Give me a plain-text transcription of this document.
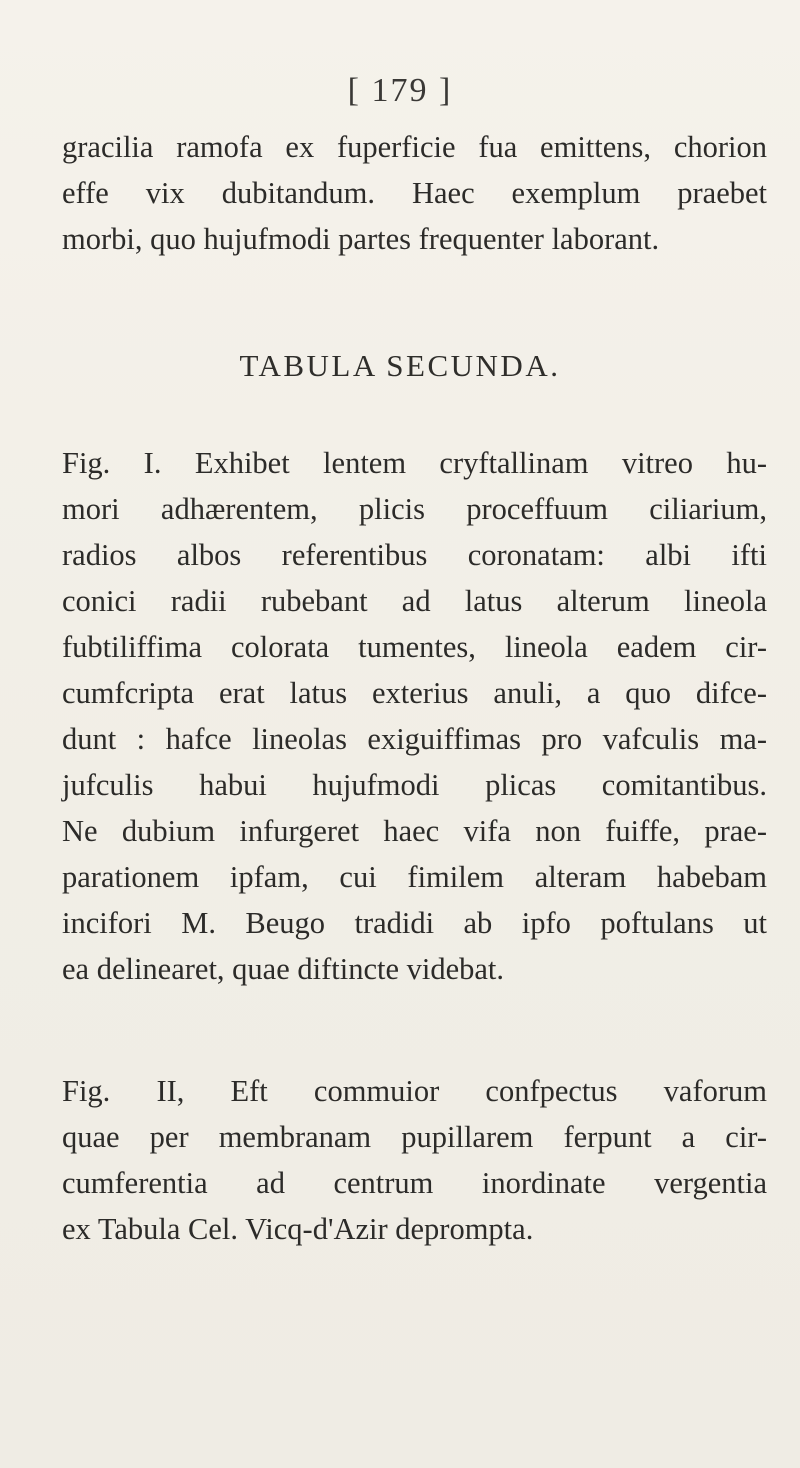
[ 179 ]
gracilia ramofa ex fuperficie fua emittens, chorion
effe vix dubitandum. Haec exemplum praebet
morbi, quo hujufmodi partes frequenter laborant.
TABULA SECUNDA.
Fig. I. Exhibet lentem cryftallinam vitreo hu-
mori adhærentem, plicis proceffuum ciliarium,
radios albos referentibus coronatam: albi ifti
conici radii rubebant ad latus alterum lineola
fubtiliffima colorata tumentes, lineola eadem cir-
cumfcripta erat latus exterius anuli, a quo difce-
dunt : hafce lineolas exiguiffimas pro vafculis ma-
jufculis habui hujufmodi plicas comitantibus.
Ne dubium infurgeret haec vifa non fuiffe, prae-
parationem ipfam, cui fimilem alteram habebam
incifori M. Beugo tradidi ab ipfo poftulans ut
ea delinearet, quae diftincte videbat.
Fig. II, Eft commuior confpectus vaforum
quae per membranam pupillarem ferpunt a cir-
cumferentia ad centrum inordinate vergentia
ex Tabula Cel. Vicq-d'Azir deprompta.
